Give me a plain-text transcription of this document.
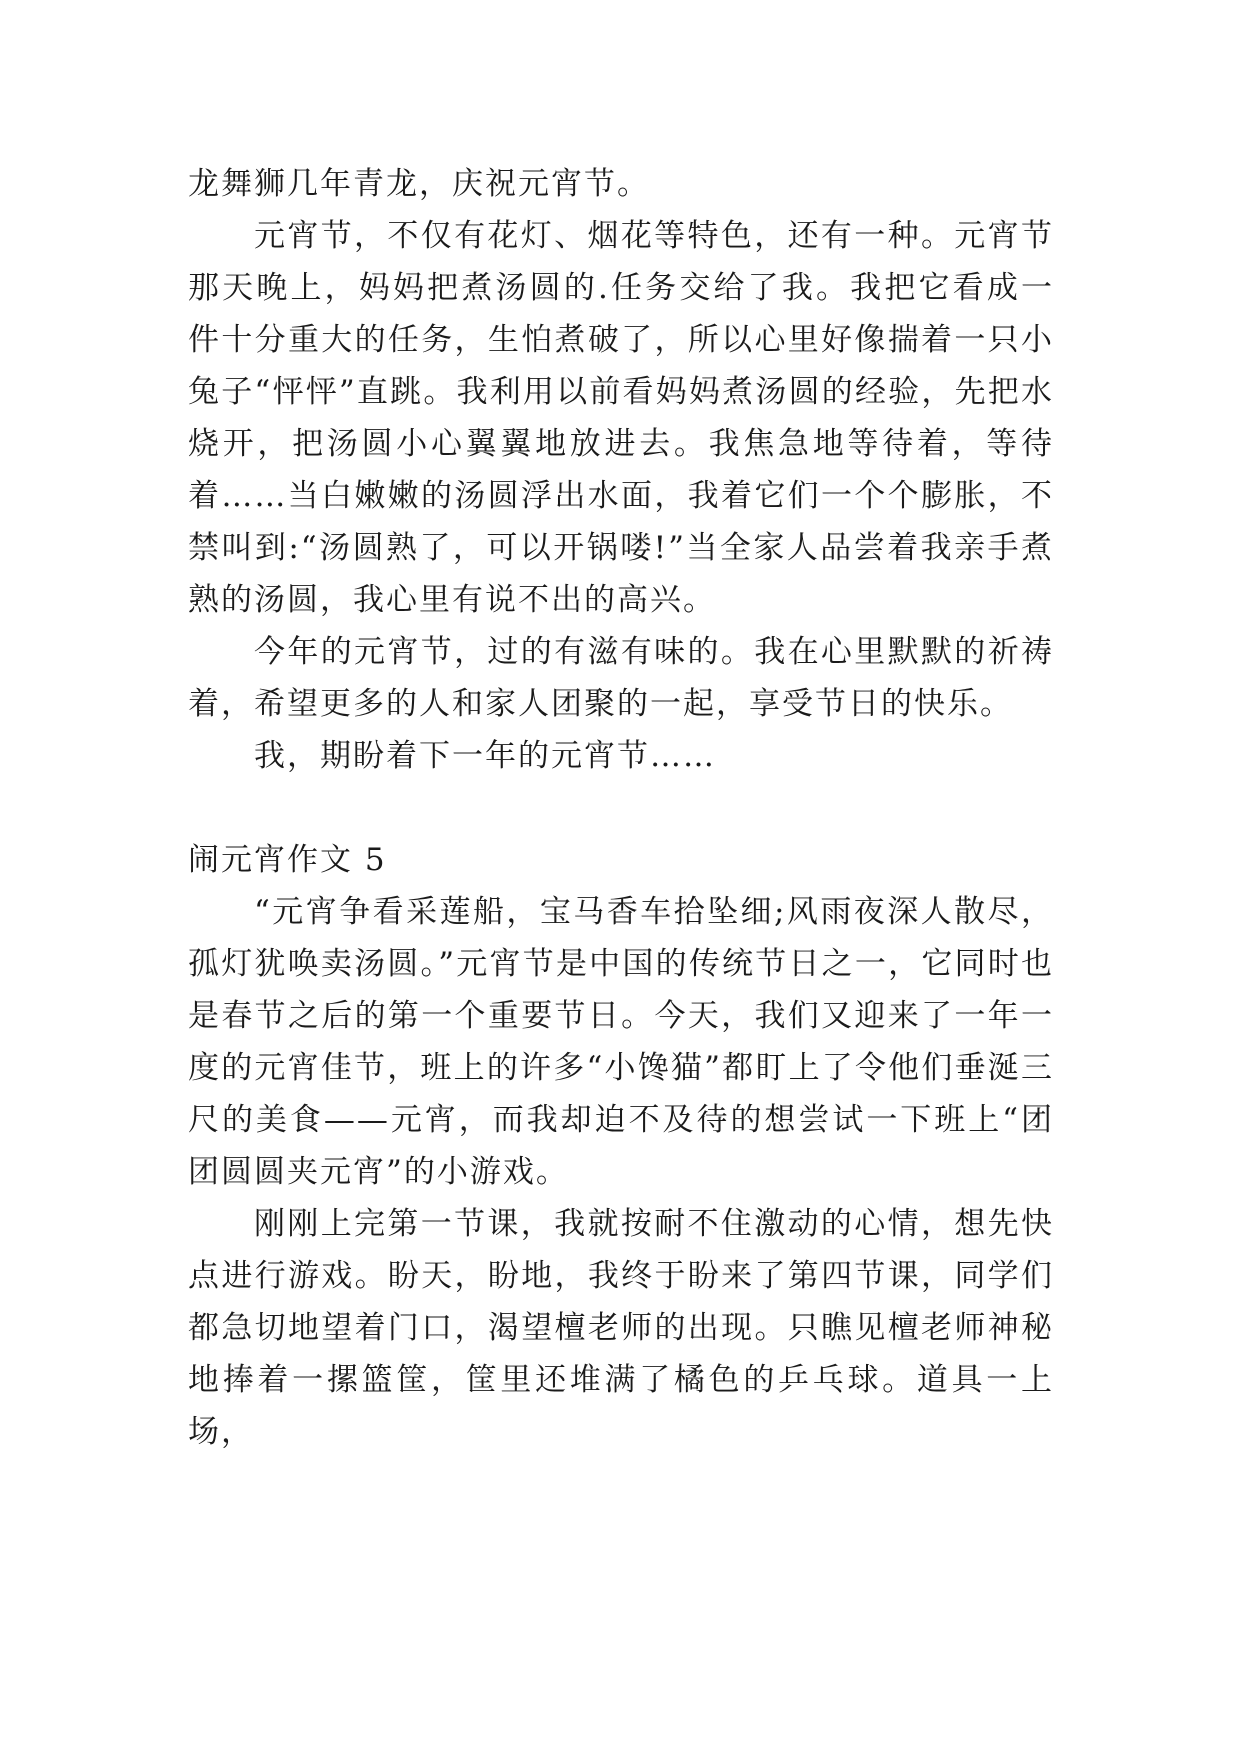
龙舞狮几年青龙，庆祝元宵节。

元宵节，不仅有花灯、烟花等特色，还有一种。元宵节那天晚上，妈妈把煮汤圆的.任务交给了我。我把它看成一件十分重大的任务，生怕煮破了，所以心里好像揣着一只小兔子“怦怦”直跳。我利用以前看妈妈煮汤圆的经验，先把水烧开，把汤圆小心翼翼地放进去。我焦急地等待着，等待着……当白嫩嫩的汤圆浮出水面，我着它们一个个膨胀，不禁叫到:“汤圆熟了，可以开锅喽!”当全家人品尝着我亲手煮熟的汤圆，我心里有说不出的高兴。

今年的元宵节，过的有滋有味的。我在心里默默的祈祷着，希望更多的人和家人团聚的一起，享受节日的快乐。

我，期盼着下一年的元宵节……

闹元宵作文 5

“元宵争看采莲船，宝马香车拾坠细;风雨夜深人散尽，孤灯犹唤卖汤圆。”元宵节是中国的传统节日之一，它同时也是春节之后的第一个重要节日。今天，我们又迎来了一年一度的元宵佳节，班上的许多“小馋猫”都盯上了令他们垂涎三尺的美食——元宵，而我却迫不及待的想尝试一下班上“团团圆圆夹元宵”的小游戏。

刚刚上完第一节课，我就按耐不住激动的心情，想先快点进行游戏。盼天，盼地，我终于盼来了第四节课，同学们都急切地望着门口，渴望檀老师的出现。只瞧见檀老师神秘地捧着一摞篮筐，筐里还堆满了橘色的乒乓球。道具一上场，
